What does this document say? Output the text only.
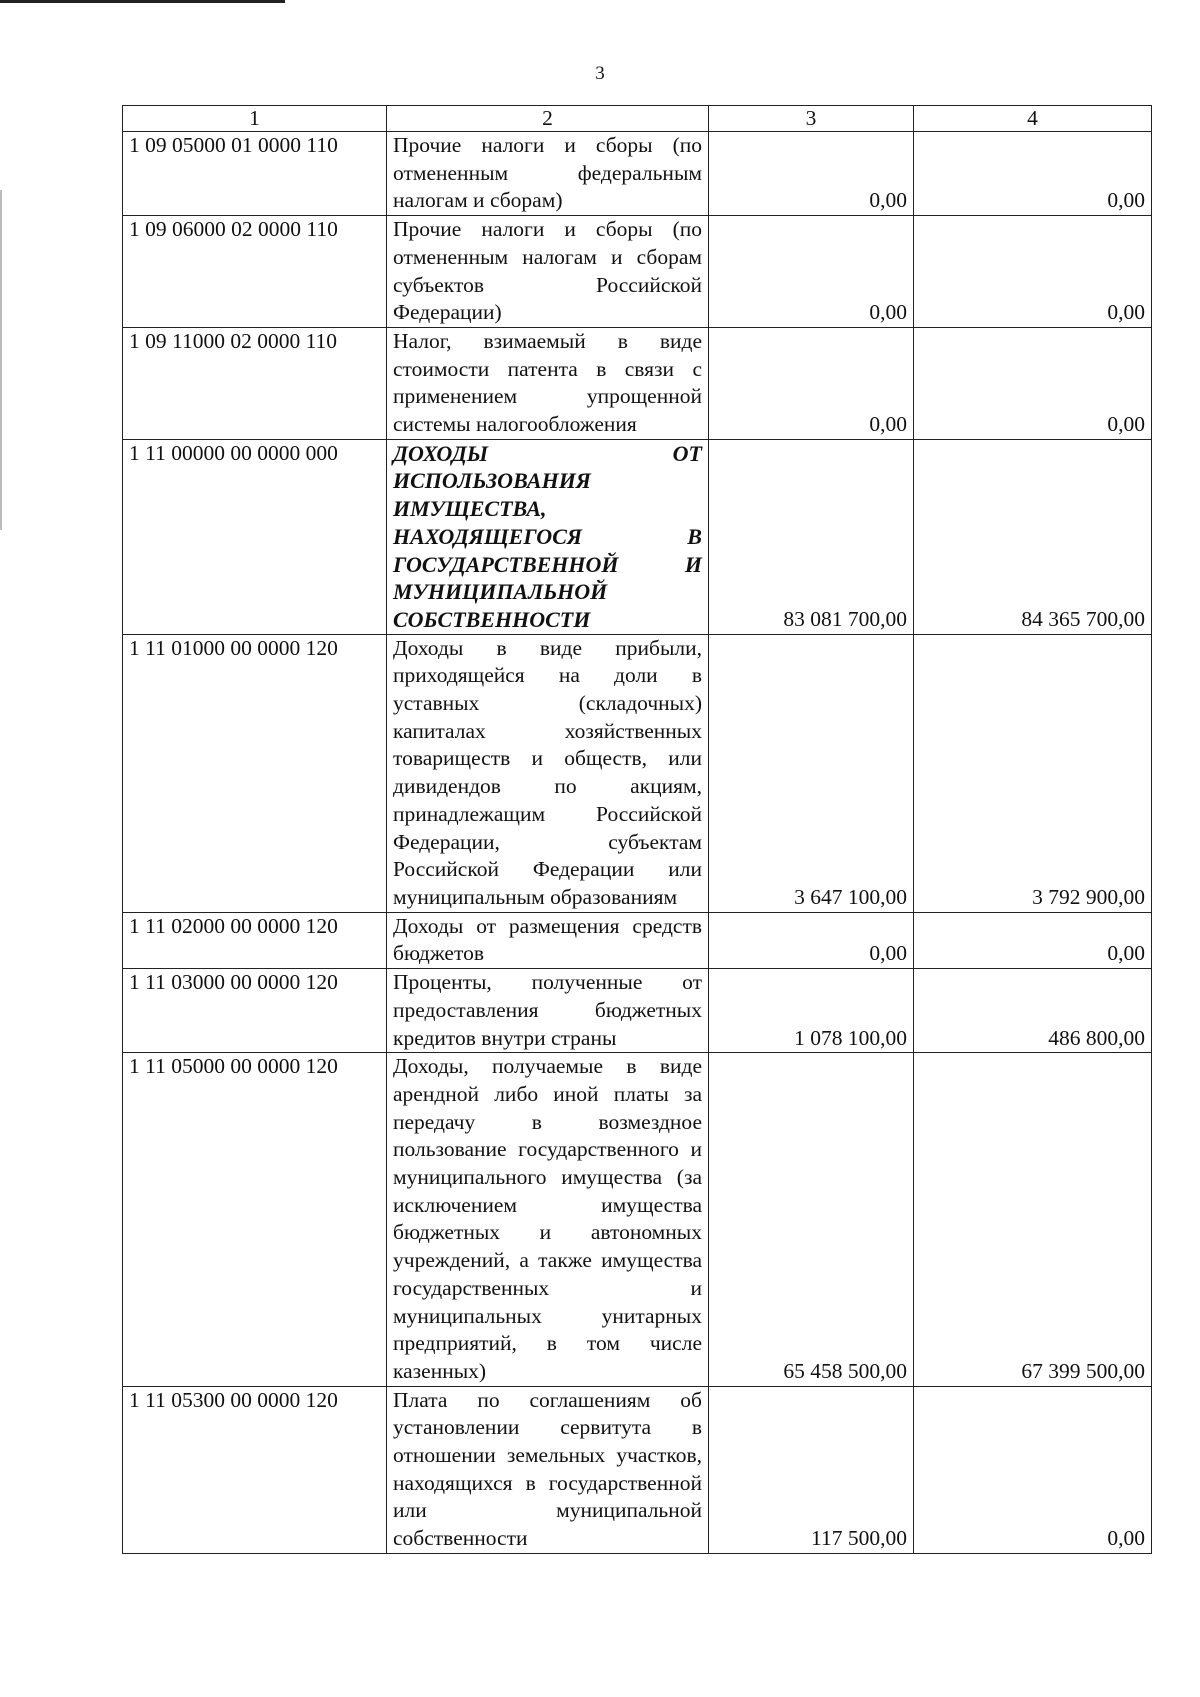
3
1	2	3	4
1 09 05000 01 0000 110	Прочие налоги и сборы (по отмененным федеральным налогам и сборам)	0,00	0,00
1 09 06000 02 0000 110	Прочие налоги и сборы (по отмененным налогам и сборам субъектов Российской Федерации)	0,00	0,00
1 09 11000 02 0000 110	Налог, взимаемый в виде стоимости патента в связи с применением упрощенной системы налогообложения	0,00	0,00
1 11 00000 00 0000 000	ДОХОДЫ ОТ ИСПОЛЬЗОВАНИЯ ИМУЩЕСТВА, НАХОДЯЩЕГОСЯ В ГОСУДАРСТВЕННОЙ И МУНИЦИПАЛЬНОЙ СОБСТВЕННОСТИ	83 081 700,00	84 365 700,00
1 11 01000 00 0000 120	Доходы в виде прибыли, приходящейся на доли в уставных (складочных) капиталах хозяйственных товариществ и обществ, или дивидендов по акциям, принадлежащим Российской Федерации, субъектам Российской Федерации или муниципальным образованиям	3 647 100,00	3 792 900,00
1 11 02000 00 0000 120	Доходы от размещения средств бюджетов	0,00	0,00
1 11 03000 00 0000 120	Проценты, полученные от предоставления бюджетных кредитов внутри страны	1 078 100,00	486 800,00
1 11 05000 00 0000 120	Доходы, получаемые в виде арендной либо иной платы за передачу в возмездное пользование государственного и муниципального имущества (за исключением имущества бюджетных и автономных учреждений, а также имущества государственных и муниципальных унитарных предприятий, в том числе казенных)	65 458 500,00	67 399 500,00
1 11 05300 00 0000 120	Плата по соглашениям об установлении сервитута в отношении земельных участков, находящихся в государственной или муниципальной собственности	117 500,00	0,00
